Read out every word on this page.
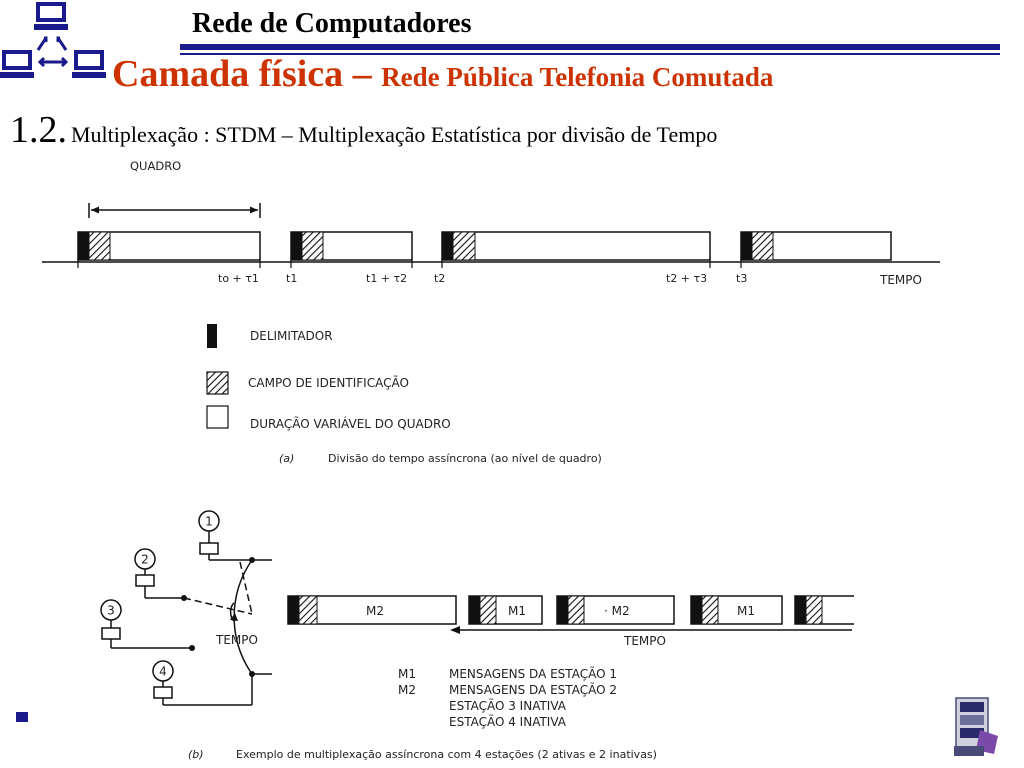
Rede de Computadores
Camada física – Rede Pública Telefonia Comutada
1.2. Multiplexação : STDM – Multiplexação Estatística por divisão de Tempo
QUADRO
to + τ1 t1	t1 + τ2 t2	t2 + τ3	t3	TEMPO
DELIMITADOR
CAMPO DE IDENTIFICAÇÃO
DURAÇÃO VARIÁVEL DO QUADRO
(a)	Divisão do tempo assíncrona (ao nível de quadro)
1
2
3
4
TEMPO
M2	M1	· M2	M1
TEMPO
M1	MENSAGENS DA ESTAÇÃO 1
M2	MENSAGENS DA ESTAÇÃO 2
ESTAÇÃO 3 INATIVA
ESTAÇÃO 4 INATIVA
(b)	Exemplo de multiplexação assíncrona com 4 estações (2 ativas e 2 inativas)
